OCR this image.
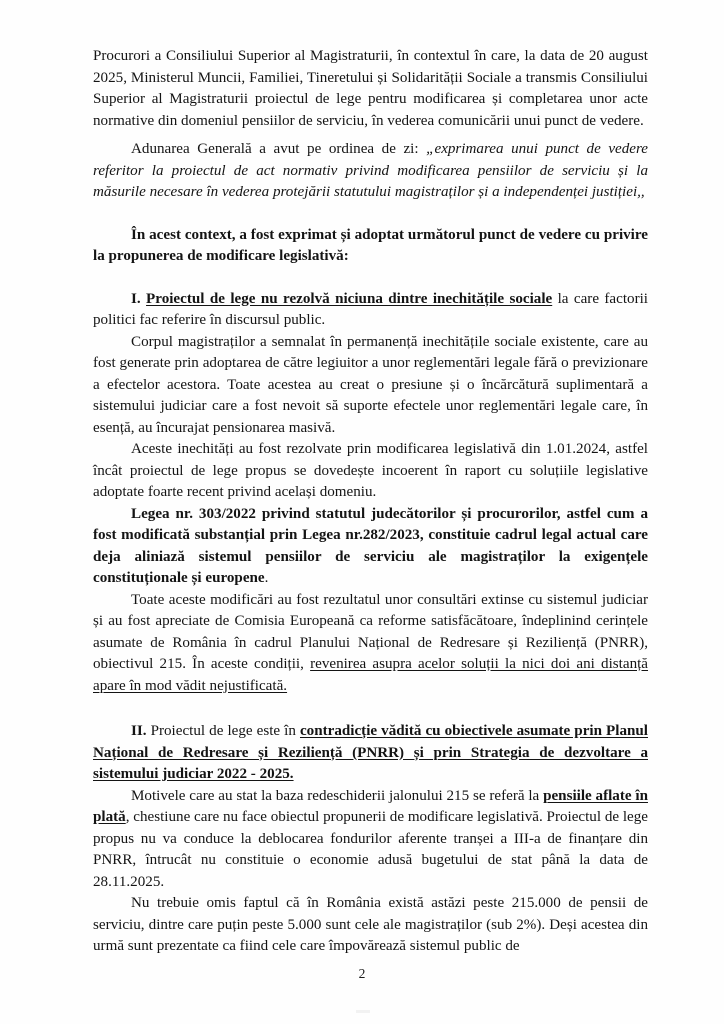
Procurori a Consiliului Superior al Magistraturii, în contextul în care, la data de 20 august 2025, Ministerul Muncii, Familiei, Tineretului și Solidarității Sociale a transmis Consiliului Superior al Magistraturii proiectul de lege pentru modificarea și completarea unor acte normative din domeniul pensiilor de serviciu, în vederea comunicării unui punct de vedere.

Adunarea Generală a avut pe ordinea de zi: „exprimarea unui punct de vedere referitor la proiectul de act normativ privind modificarea pensiilor de serviciu și la măsurile necesare în vederea protejării statutului magistraților și a independenței justiției,,

În acest context, a fost exprimat și adoptat următorul punct de vedere cu privire la propunerea de modificare legislativă:

I. Proiectul de lege nu rezolvă niciuna dintre inechitățile sociale la care factorii politici fac referire în discursul public.

Corpul magistraților a semnalat în permanență inechitățile sociale existente, care au fost generate prin adoptarea de către legiuitor a unor reglementări legale fără o previzionare a efectelor acestora. Toate acestea au creat o presiune și o încărcătură suplimentară a sistemului judiciar care a fost nevoit să suporte efectele unor reglementări legale care, în esență, au încurajat pensionarea masivă.

Aceste inechități au fost rezolvate prin modificarea legislativă din 1.01.2024, astfel încât proiectul de lege propus se dovedește incoerent în raport cu soluțiile legislative adoptate foarte recent privind același domeniu.

Legea nr. 303/2022 privind statutul judecătorilor și procurorilor, astfel cum a fost modificată substanțial prin Legea nr.282/2023, constituie cadrul legal actual care deja aliniază sistemul pensiilor de serviciu ale magistraților la exigențele constituționale și europene.

Toate aceste modificări au fost rezultatul unor consultări extinse cu sistemul judiciar și au fost apreciate de Comisia Europeană ca reforme satisfăcătoare, îndeplinind cerințele asumate de România în cadrul Planului Național de Redresare și Reziliență (PNRR), obiectivul 215. În aceste condiții, revenirea asupra acelor soluții la nici doi ani distanță apare în mod vădit nejustificată.

II. Proiectul de lege este în contradicție vădită cu obiectivele asumate prin Planul Național de Redresare și Reziliență (PNRR) și prin Strategia de dezvoltare a sistemului judiciar 2022 - 2025.

Motivele care au stat la baza redeschiderii jalonului 215 se referă la pensiile aflate în plată, chestiune care nu face obiectul propunerii de modificare legislativă. Proiectul de lege propus nu va conduce la deblocarea fondurilor aferente tranșei a III-a de finanțare din PNRR, întrucât nu constituie o economie adusă bugetului de stat până la data de 28.11.2025.

Nu trebuie omis faptul că în România există astăzi peste 215.000 de pensii de serviciu, dintre care puțin peste 5.000 sunt cele ale magistraților (sub 2%). Deși acestea din urmă sunt prezentate ca fiind cele care împovărează sistemul public de

2
